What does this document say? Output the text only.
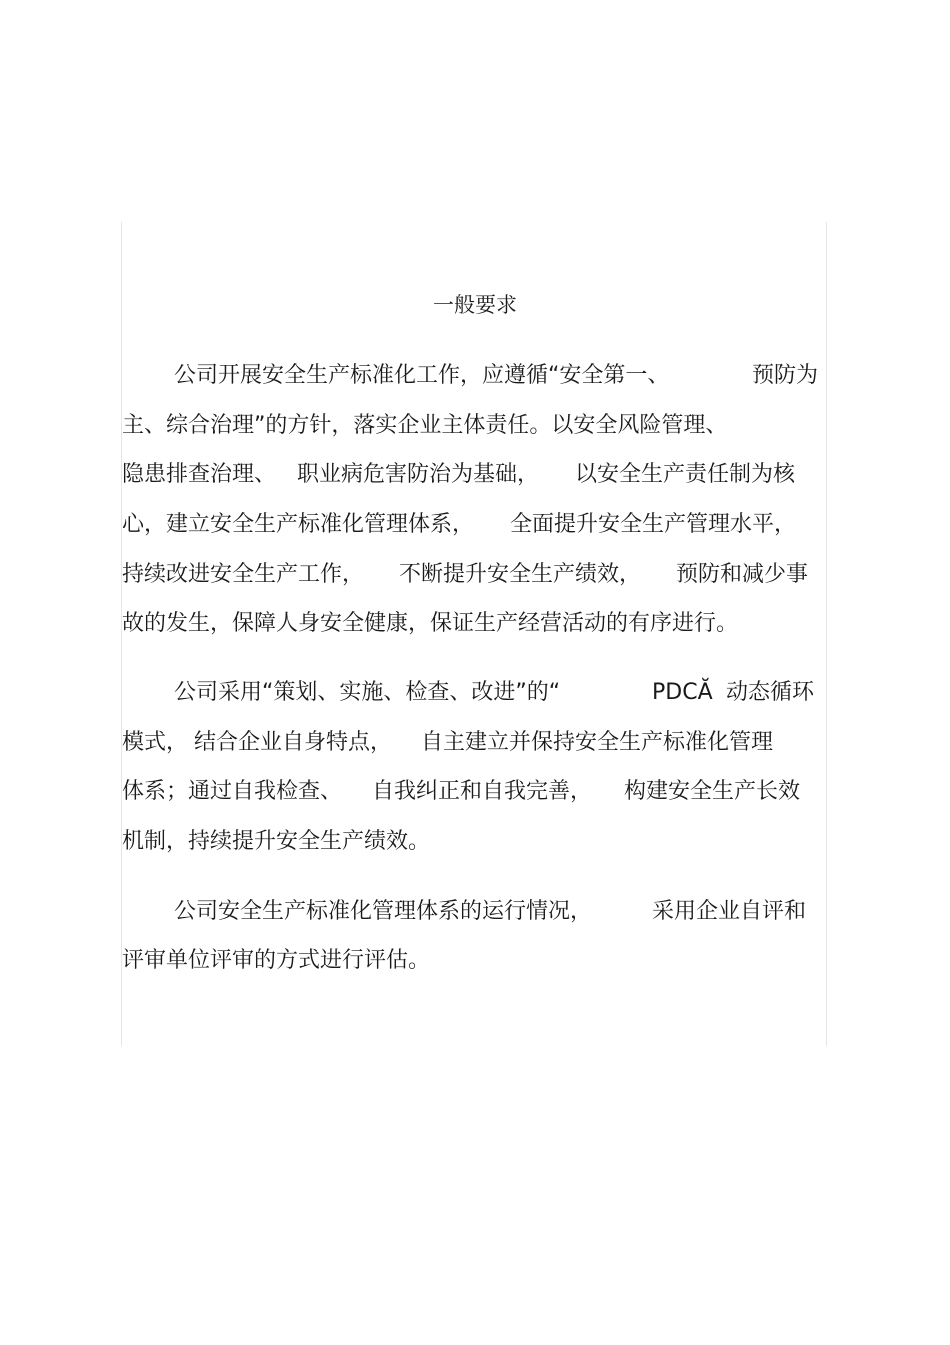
一般要求
公司开展安全生产标准化工作，应遵循“安全第一、	预防为
主、综合治理”的方针，落实企业主体责任。以安全风险管理、
隐患排查治理、 职业病危害防治为基础， 以安全生产责任制为核
心，建立安全生产标准化管理体系， 全面提升安全生产管理水平，
持续改进安全生产工作， 不断提升安全生产绩效， 预防和减少事
故的发生，保障人身安全健康，保证生产经营活动的有序进行。
公司采用“策划、实施、检查、改进”的“	PDCĂ 动态循环
模式， 结合企业自身特点， 自主建立并保持安全生产标准化管理
体系；通过自我检查、 自我纠正和自我完善， 构建安全生产长效
机制，持续提升安全生产绩效。
公司安全生产标准化管理体系的运行情况，	采用企业自评和
评审单位评审的方式进行评估。
